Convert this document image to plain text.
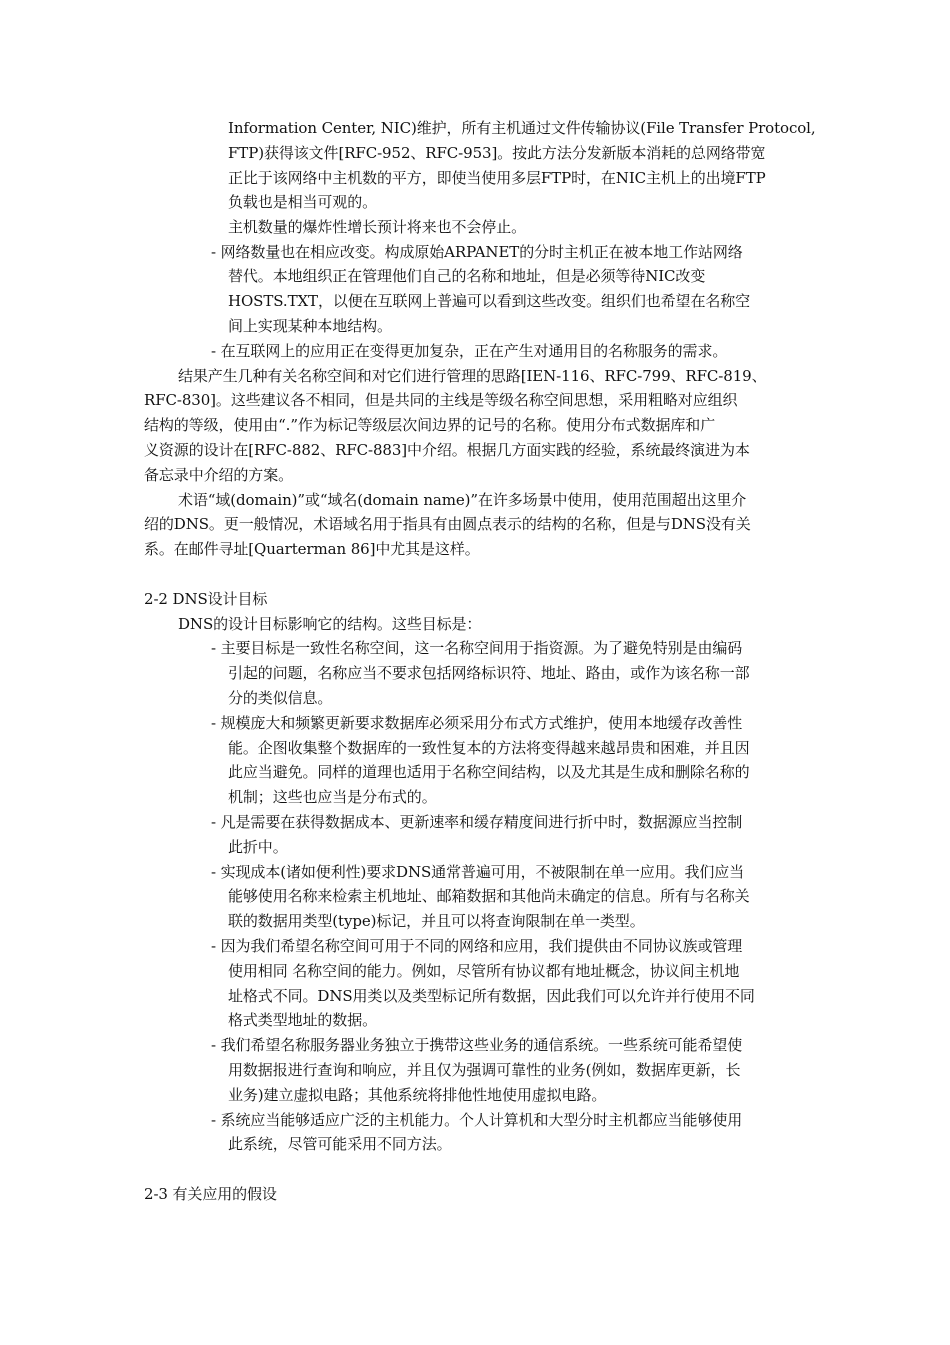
Information Center, NIC)维护，所有主机通过文件传输协议(File Transfer Protocol,
FTP)获得该文件[RFC-952、RFC-953]。按此方法分发新版本消耗的总网络带宽
正比于该网络中主机数的平方，即使当使用多层FTP时，在NIC主机上的出境FTP
负载也是相当可观的。
主机数量的爆炸性增长预计将来也不会停止。
- 网络数量也在相应改变。构成原始ARPANET的分时主机正在被本地工作站网络
替代。本地组织正在管理他们自己的名称和地址，但是必须等待NIC改变
HOSTS.TXT，以便在互联网上普遍可以看到这些改变。组织们也希望在名称空
间上实现某种本地结构。
- 在互联网上的应用正在变得更加复杂，正在产生对通用目的名称服务的需求。
结果产生几种有关名称空间和对它们进行管理的思路[IEN-116、RFC-799、RFC-819、
RFC-830]。这些建议各不相同，但是共同的主线是等级名称空间思想，采用粗略对应组织
结构的等级，使用由“.”作为标记等级层次间边界的记号的名称。使用分布式数据库和广
义资源的设计在[RFC-882、RFC-883]中介绍。根据几方面实践的经验，系统最终演进为本
备忘录中介绍的方案。
术语“域(domain)”或“域名(domain name)”在许多场景中使用，使用范围超出这里介
绍的DNS。更一般情况，术语域名用于指具有由圆点表示的结构的名称，但是与DNS没有关
系。在邮件寻址[Quarterman 86]中尤其是这样。
2-2 DNS设计目标
DNS的设计目标影响它的结构。这些目标是：
- 主要目标是一致性名称空间，这一名称空间用于指资源。为了避免特别是由编码
引起的问题，名称应当不要求包括网络标识符、地址、路由，或作为该名称一部
分的类似信息。
- 规模庞大和频繁更新要求数据库必须采用分布式方式维护，使用本地缓存改善性
能。企图收集整个数据库的一致性复本的方法将变得越来越昂贵和困难，并且因
此应当避免。同样的道理也适用于名称空间结构，以及尤其是生成和删除名称的
机制；这些也应当是分布式的。
- 凡是需要在获得数据成本、更新速率和缓存精度间进行折中时，数据源应当控制
此折中。
- 实现成本(诸如便利性)要求DNS通常普遍可用，不被限制在单一应用。我们应当
能够使用名称来检索主机地址、邮箱数据和其他尚未确定的信息。所有与名称关
联的数据用类型(type)标记，并且可以将查询限制在单一类型。
- 因为我们希望名称空间可用于不同的网络和应用，我们提供由不同协议族或管理
使用相同 名称空间的能力。例如，尽管所有协议都有地址概念，协议间主机地
址格式不同。DNS用类以及类型标记所有数据，因此我们可以允许并行使用不同
格式类型地址的数据。
- 我们希望名称服务器业务独立于携带这些业务的通信系统。一些系统可能希望使
用数据报进行查询和响应，并且仅为强调可靠性的业务(例如，数据库更新，长
业务)建立虚拟电路；其他系统将排他性地使用虚拟电路。
- 系统应当能够适应广泛的主机能力。个人计算机和大型分时主机都应当能够使用
此系统，尽管可能采用不同方法。
2-3 有关应用的假设
